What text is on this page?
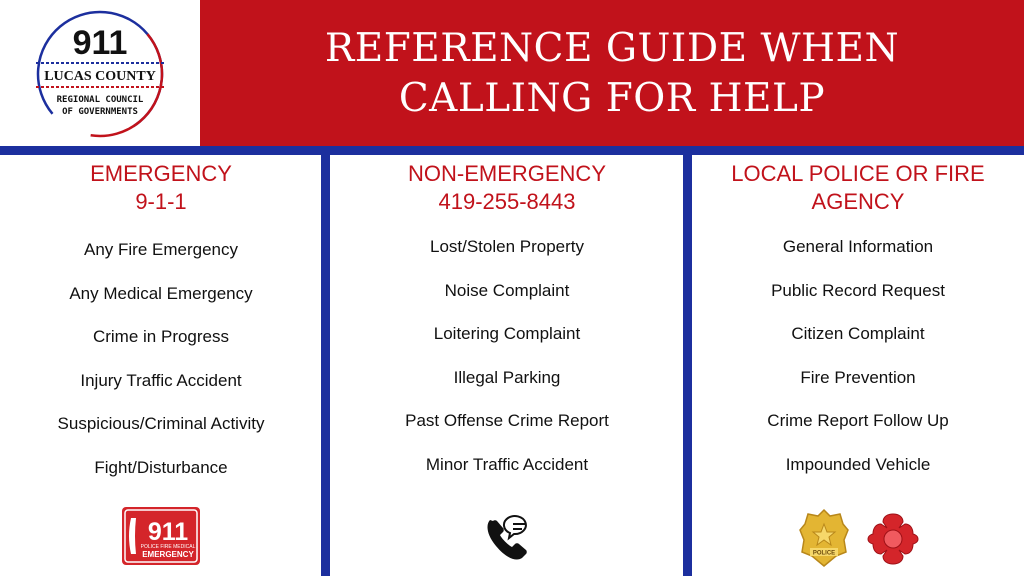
911
LUCAS COUNTY
REGIONAL COUNCIL
OF GOVERNMENTS
REFERENCE GUIDE WHEN
CALLING FOR HELP
EMERGENCY
9-1-1
Any Fire Emergency
Any Medical Emergency
Crime in Progress
Injury Traffic Accident
Suspicious/Criminal Activity
Fight/Disturbance
911
POLICE FIRE MEDICAL
EMERGENCY
NON-EMERGENCY
419-255-8443
Lost/Stolen Property
Noise Complaint
Loitering Complaint
Illegal Parking
Past Offense Crime Report
Minor Traffic Accident
LOCAL POLICE OR FIRE
AGENCY
General Information
Public Record Request
Citizen Complaint
Fire Prevention
Crime Report Follow Up
Impounded Vehicle
POLICE
